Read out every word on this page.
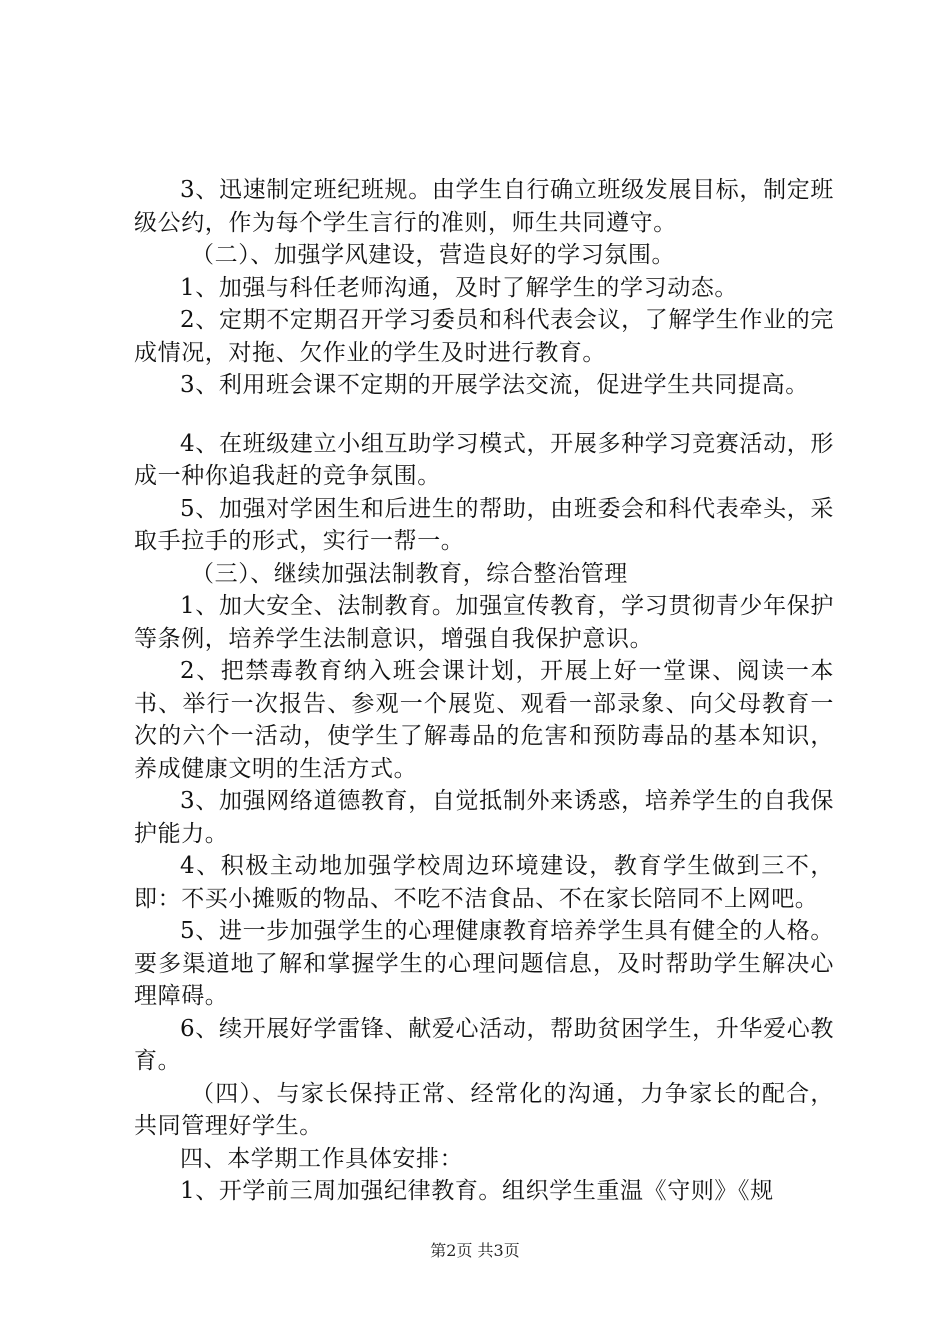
3、迅速制定班纪班规。由学生自行确立班级发展目标，制定班级公约，作为每个学生言行的准则，师生共同遵守。

（二）、加强学风建设，营造良好的学习氛围。

1、加强与科任老师沟通，及时了解学生的学习动态。

2、定期不定期召开学习委员和科代表会议，了解学生作业的完成情况，对拖、欠作业的学生及时进行教育。

3、利用班会课不定期的开展学法交流，促进学生共同提高。

4、在班级建立小组互助学习模式，开展多种学习竞赛活动，形成一种你追我赶的竞争氛围。

5、加强对学困生和后进生的帮助，由班委会和科代表牵头，采取手拉手的形式，实行一帮一。

（三）、继续加强法制教育，综合整治管理

1、加大安全、法制教育。加强宣传教育，学习贯彻青少年保护等条例，培养学生法制意识，增强自我保护意识。

2、把禁毒教育纳入班会课计划，开展上好一堂课、阅读一本书、举行一次报告、参观一个展览、观看一部录象、向父母教育一次的六个一活动，使学生了解毒品的危害和预防毒品的基本知识，养成健康文明的生活方式。

3、加强网络道德教育，自觉抵制外来诱惑，培养学生的自我保护能力。

4、积极主动地加强学校周边环境建设，教育学生做到三不，即：不买小摊贩的物品、不吃不洁食品、不在家长陪同不上网吧。

5、进一步加强学生的心理健康教育培养学生具有健全的人格。要多渠道地了解和掌握学生的心理问题信息，及时帮助学生解决心理障碍。

6、续开展好学雷锋、献爱心活动，帮助贫困学生，升华爱心教育。

（四）、与家长保持正常、经常化的沟通，力争家长的配合，共同管理好学生。

四、本学期工作具体安排：

1、开学前三周加强纪律教育。组织学生重温《守则》《规

第2页 共3页
